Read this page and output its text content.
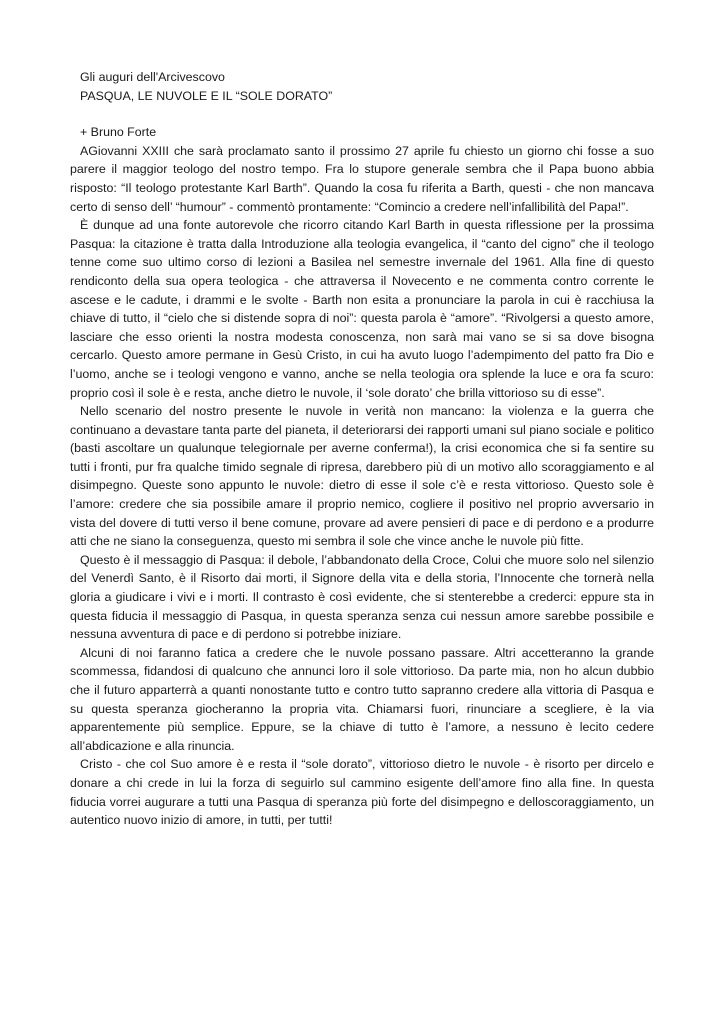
Gli auguri dell'Arcivescovo
PASQUA, LE NUVOLE E IL “SOLE DORATO”
+ Bruno Forte

AGiovanni XXIII che sarà proclamato santo il prossimo 27 aprile fu chiesto un giorno chi fosse a suo parere il maggior teologo del nostro tempo. Fra lo stupore generale sembra che il Papa buono abbia risposto: “Il teologo protestante Karl Barth”. Quando la cosa fu riferita a Barth, questi - che non mancava certo di senso dell’ “humour” - commentò prontamente: “Comincio a credere nell’infallibilità del Papa!”.

È dunque ad una fonte autorevole che ricorro citando Karl Barth in questa riflessione per la prossima Pasqua: la citazione è tratta dalla Introduzione alla teologia evangelica, il “canto del cigno” che il teologo tenne come suo ultimo corso di lezioni a Basilea nel semestre invernale del 1961. Alla fine di questo rendiconto della sua opera teologica - che attraversa il Novecento e ne commenta contro corrente le ascese e le cadute, i drammi e le svolte - Barth non esita a pronunciare la parola in cui è racchiusa la chiave di tutto, il “cielo che si distende sopra di noi”: questa parola è “amore”. “Rivolgersi a questo amore, lasciare che esso orienti la nostra modesta conoscenza, non sarà mai vano se si sa dove bisogna cercarlo. Questo amore permane in Gesù Cristo, in cui ha avuto luogo l’adempimento del patto fra Dio e l’uomo, anche se i teologi vengono e vanno, anche se nella teologia ora splende la luce e ora fa scuro: proprio così il sole è e resta, anche dietro le nuvole, il ‘sole dorato’ che brilla vittorioso su di esse”.

Nello scenario del nostro presente le nuvole in verità non mancano: la violenza e la guerra che continuano a devastare tanta parte del pianeta, il deteriorarsi dei rapporti umani sul piano sociale e politico (basti ascoltare un qualunque telegiornale per averne conferma!), la crisi economica che si fa sentire su tutti i fronti, pur fra qualche timido segnale di ripresa, darebbero più di un motivo allo scoraggiamento e al disimpegno. Queste sono appunto le nuvole: dietro di esse il sole c’è e resta vittorioso. Questo sole è l’amore: credere che sia possibile amare il proprio nemico, cogliere il positivo nel proprio avversario in vista del dovere di tutti verso il bene comune, provare ad avere pensieri di pace e di perdono e a produrre atti che ne siano la conseguenza, questo mi sembra il sole che vince anche le nuvole più fitte.

Questo è il messaggio di Pasqua: il debole, l’abbandonato della Croce, Colui che muore solo nel silenzio del Venerdì Santo, è il Risorto dai morti, il Signore della vita e della storia, l’Innocente che tornerà nella gloria a giudicare i vivi e i morti. Il contrasto è così evidente, che si stenterebbe a crederci: eppure sta in questa fiducia il messaggio di Pasqua, in questa speranza senza cui nessun amore sarebbe possibile e nessuna avventura di pace e di perdono si potrebbe iniziare.

Alcuni di noi faranno fatica a credere che le nuvole possano passare. Altri accetteranno la grande scommessa, fidandosi di qualcuno che annunci loro il sole vittorioso. Da parte mia, non ho alcun dubbio che il futuro apparterrà a quanti nonostante tutto e contro tutto sapranno credere alla vittoria di Pasqua e su questa speranza giocheranno la propria vita. Chiamarsi fuori, rinunciare a scegliere, è la via apparentemente più semplice. Eppure, se la chiave di tutto è l’amore, a nessuno è lecito cedere all’abdicazione e alla rinuncia.

Cristo - che col Suo amore è e resta il “sole dorato”, vittorioso dietro le nuvole - è risorto per dircelo e donare a chi crede in lui la forza di seguirlo sul cammino esigente dell’amore fino alla fine. In questa fiducia vorrei augurare a tutti una Pasqua di speranza più forte del disimpegno e delloscoraggiamento, un autentico nuovo inizio di amore, in tutti, per tutti!
